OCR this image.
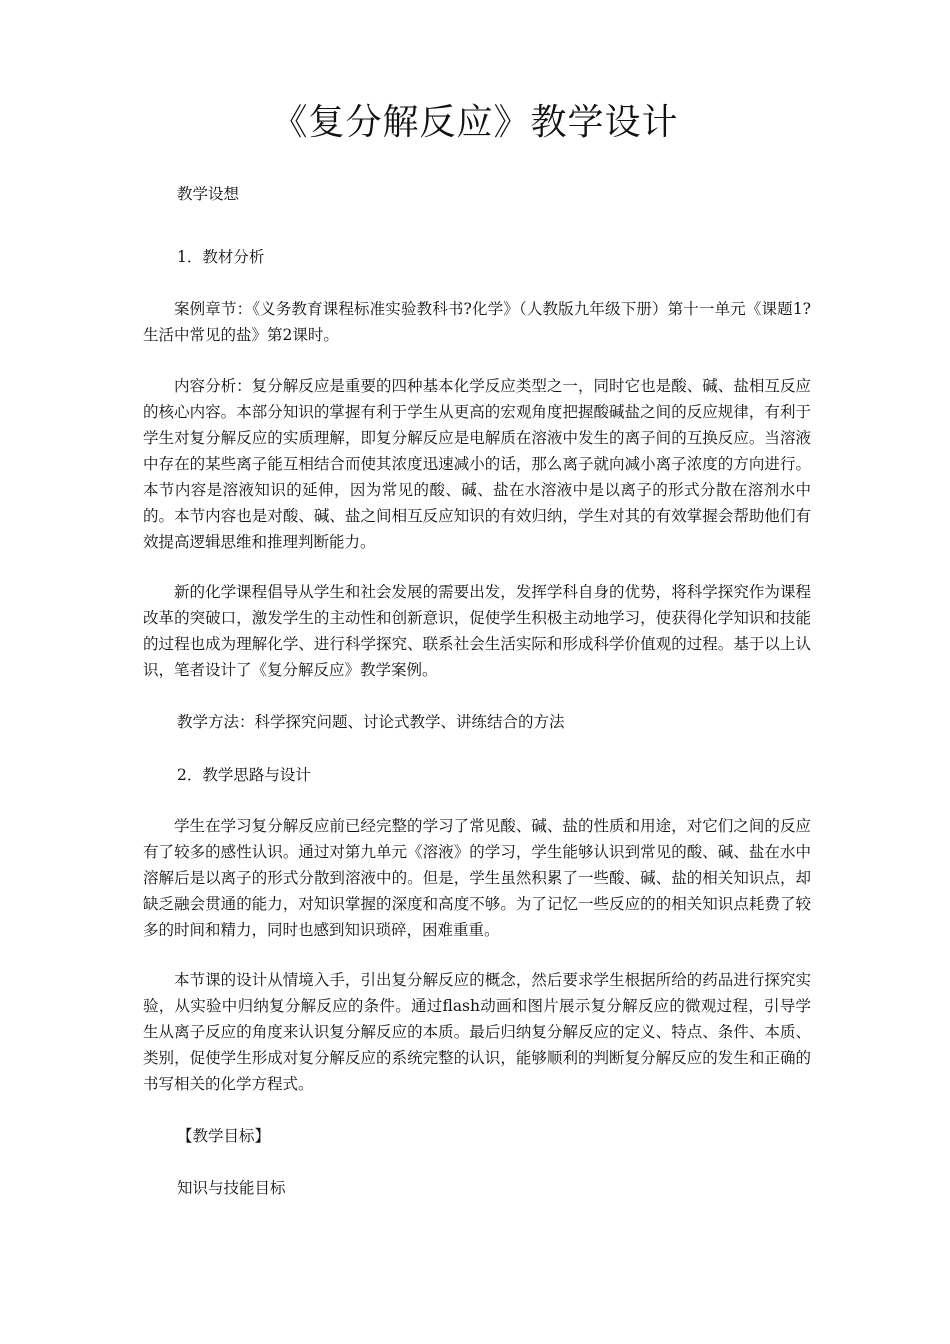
《复分解反应》教学设计

教学设想

1．教材分析

案例章节：《义务教育课程标准实验教科书?化学》（人教版九年级下册）第十一单元《课题1?生活中常见的盐》第2课时。

内容分析：复分解反应是重要的四种基本化学反应类型之一，同时它也是酸、碱、盐相互反应的核心内容。本部分知识的掌握有利于学生从更高的宏观角度把握酸碱盐之间的反应规律，有利于学生对复分解反应的实质理解，即复分解反应是电解质在溶液中发生的离子间的互换反应。当溶液中存在的某些离子能互相结合而使其浓度迅速减小的话，那么离子就向减小离子浓度的方向进行。本节内容是溶液知识的延伸，因为常见的酸、碱、盐在水溶液中是以离子的形式分散在溶剂水中的。本节内容也是对酸、碱、盐之间相互反应知识的有效归纳，学生对其的有效掌握会帮助他们有效提高逻辑思维和推理判断能力。

新的化学课程倡导从学生和社会发展的需要出发，发挥学科自身的优势，将科学探究作为课程改革的突破口，激发学生的主动性和创新意识，促使学生积极主动地学习，使获得化学知识和技能的过程也成为理解化学、进行科学探究、联系社会生活实际和形成科学价值观的过程。基于以上认识，笔者设计了《复分解反应》教学案例。

教学方法：科学探究问题、讨论式教学、讲练结合的方法

2．教学思路与设计

学生在学习复分解反应前已经完整的学习了常见酸、碱、盐的性质和用途，对它们之间的反应有了较多的感性认识。通过对第九单元《溶液》的学习，学生能够认识到常见的酸、碱、盐在水中溶解后是以离子的形式分散到溶液中的。但是，学生虽然积累了一些酸、碱、盐的相关知识点，却缺乏融会贯通的能力，对知识掌握的深度和高度不够。为了记忆一些反应的的相关知识点耗费了较多的时间和精力，同时也感到知识琐碎，困难重重。

本节课的设计从情境入手，引出复分解反应的概念，然后要求学生根据所给的药品进行探究实验，从实验中归纳复分解反应的条件。通过flash动画和图片展示复分解反应的微观过程，引导学生从离子反应的角度来认识复分解反应的本质。最后归纳复分解反应的定义、特点、条件、本质、类别，促使学生形成对复分解反应的系统完整的认识，能够顺利的判断复分解反应的发生和正确的书写相关的化学方程式。

【教学目标】

知识与技能目标
